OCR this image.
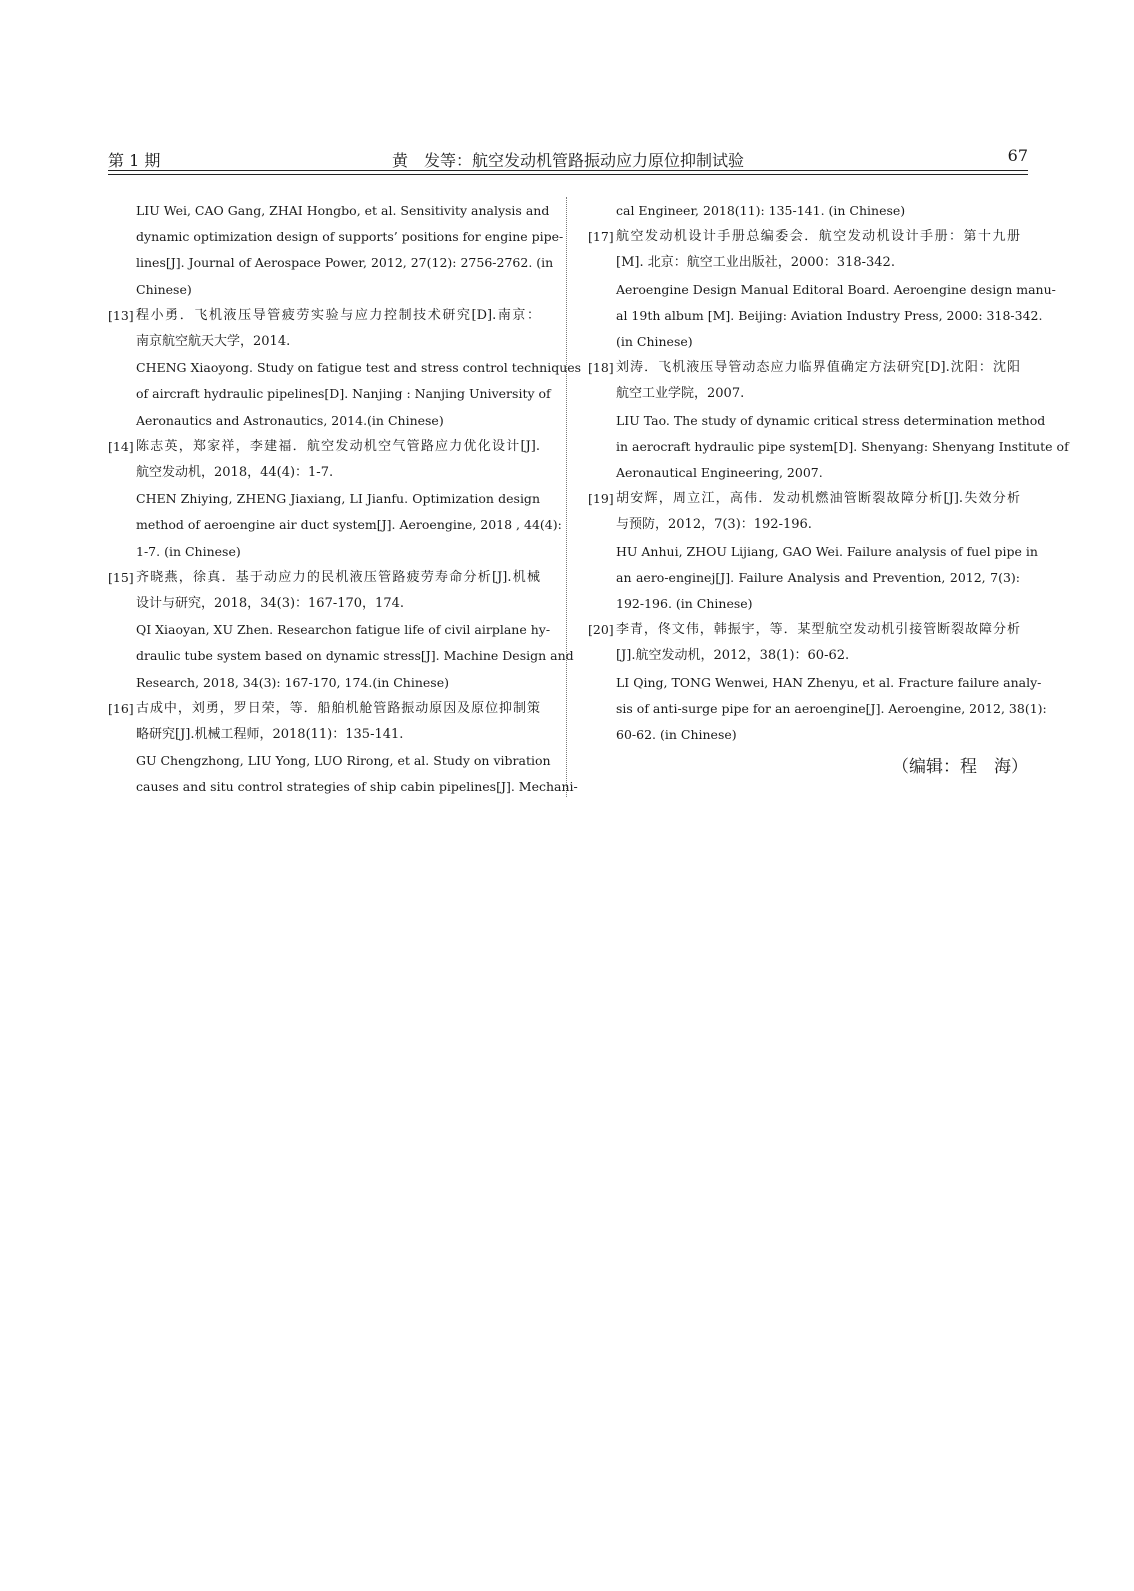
第 1 期	黄　发等：航空发动机管路振动应力原位抑制试验	67
LIU Wei, CAO Gang, ZHAI Hongbo, et al. Sensitivity analysis and
dynamic optimization design of supports’ positions for engine pipe-
lines[J]. Journal of Aerospace Power, 2012, 27(12): 2756-2762. (in
Chinese)
[13] 程小勇．飞机液压导管疲劳实验与应力控制技术研究[D].南京：
南京航空航天大学，2014.
CHENG Xiaoyong. Study on fatigue test and stress control techniques
of aircraft hydraulic pipelines[D]. Nanjing : Nanjing University of
Aeronautics and Astronautics, 2014.(in Chinese)
[14] 陈志英，郑家祥，李建福．航空发动机空气管路应力优化设计[J].
航空发动机，2018，44(4)：1-7.
CHEN Zhiying, ZHENG Jiaxiang, LI Jianfu. Optimization design
method of aeroengine air duct system[J]. Aeroengine, 2018 , 44(4):
1-7. (in Chinese)
[15] 齐晓燕，徐真．基于动应力的民机液压管路疲劳寿命分析[J].机械
设计与研究，2018，34(3)：167-170，174.
QI Xiaoyan, XU Zhen. Researchon fatigue life of civil airplane hy-
draulic tube system based on dynamic stress[J]. Machine Design and
Research, 2018, 34(3): 167-170, 174.(in Chinese)
[16] 古成中，刘勇，罗日荣，等．船舶机舱管路振动原因及原位抑制策
略研究[J].机械工程师，2018(11)：135-141.
GU Chengzhong, LIU Yong, LUO Rirong, et al. Study on vibration
causes and situ control strategies of ship cabin pipelines[J]. Mechani-
cal Engineer, 2018(11): 135-141. (in Chinese)
[17] 航空发动机设计手册总编委会．航空发动机设计手册：第十九册
[M]. 北京：航空工业出版社，2000：318-342.
Aeroengine Design Manual Editoral Board. Aeroengine design manu-
al 19th album [M]. Beijing: Aviation Industry Press, 2000: 318-342.
(in Chinese)
[18] 刘涛．飞机液压导管动态应力临界值确定方法研究[D].沈阳：沈阳
航空工业学院，2007.
LIU Tao. The study of dynamic critical stress determination method
in aerocraft hydraulic pipe system[D]. Shenyang: Shenyang Institute of
Aeronautical Engineering, 2007.
[19] 胡安辉，周立江，高伟．发动机燃油管断裂故障分析[J].失效分析
与预防，2012，7(3)：192-196.
HU Anhui, ZHOU Lijiang, GAO Wei. Failure analysis of fuel pipe in
an aero-enginej[J]. Failure Analysis and Prevention, 2012, 7(3):
192-196. (in Chinese)
[20] 李青，佟文伟，韩振宇，等．某型航空发动机引接管断裂故障分析
[J].航空发动机，2012，38(1)：60-62.
LI Qing, TONG Wenwei, HAN Zhenyu, et al. Fracture failure analy-
sis of anti-surge pipe for an aeroengine[J]. Aeroengine, 2012, 38(1):
60-62. (in Chinese)
（编辑：程　海）
